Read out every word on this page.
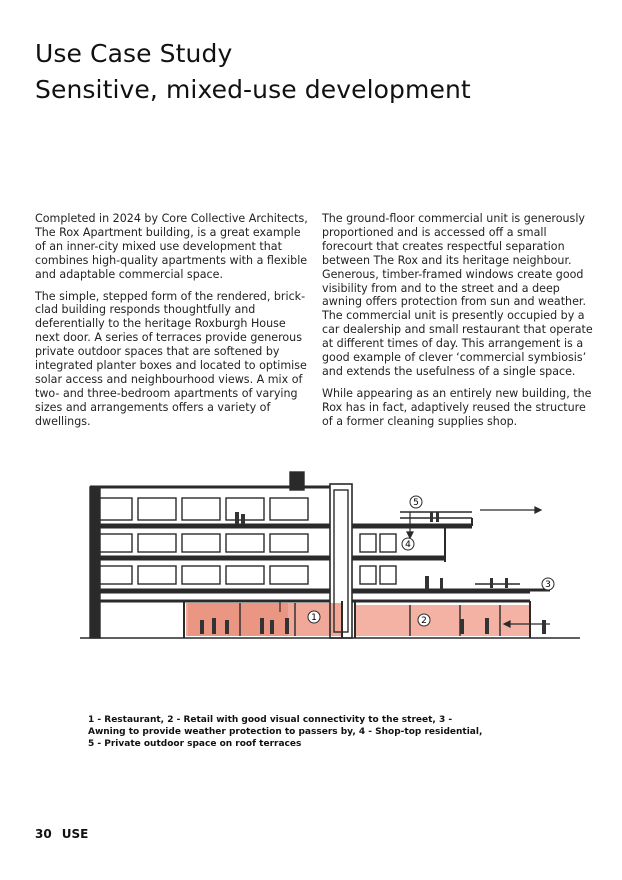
Use Case Study
Sensitive, mixed-use development

Completed in 2024 by Core Collective Architects, The Rox Apartment building, is a great example of an inner-city mixed use development that combines high-quality apartments with a flexible and adaptable commercial space.

The simple, stepped form of the rendered, brick-clad building responds thoughtfully and deferentially to the heritage Roxburgh House next door. A series of terraces provide generous private outdoor spaces that are softened by integrated planter boxes and located to optimise solar access and neighbourhood views. A mix of two- and three-bedroom apartments of varying sizes and arrangements offers a variety of dwellings.

The ground-floor commercial unit is generously proportioned and is accessed off a small forecourt that creates respectful separation between The Rox and its heritage neighbour. Generous, timber-framed windows create good visibility from and to the street and a deep awning offers protection from sun and weather. The commercial unit is presently occupied by a car dealership and small restaurant that operate at different times of day. This arrangement is a good example of clever ‘commercial symbiosis’ and extends the usefulness of a single space.

While appearing as an entirely new building, the Rox has in fact, adaptively reused the structure of a former cleaning supplies shop.

1	2
3
4
5
1 - Restaurant, 2 - Retail with good visual connectivity to the street, 3 - Awning to provide weather protection to passers by, 4 - Shop-top residential, 5 - Private outdoor space on roof terraces
30 USE
